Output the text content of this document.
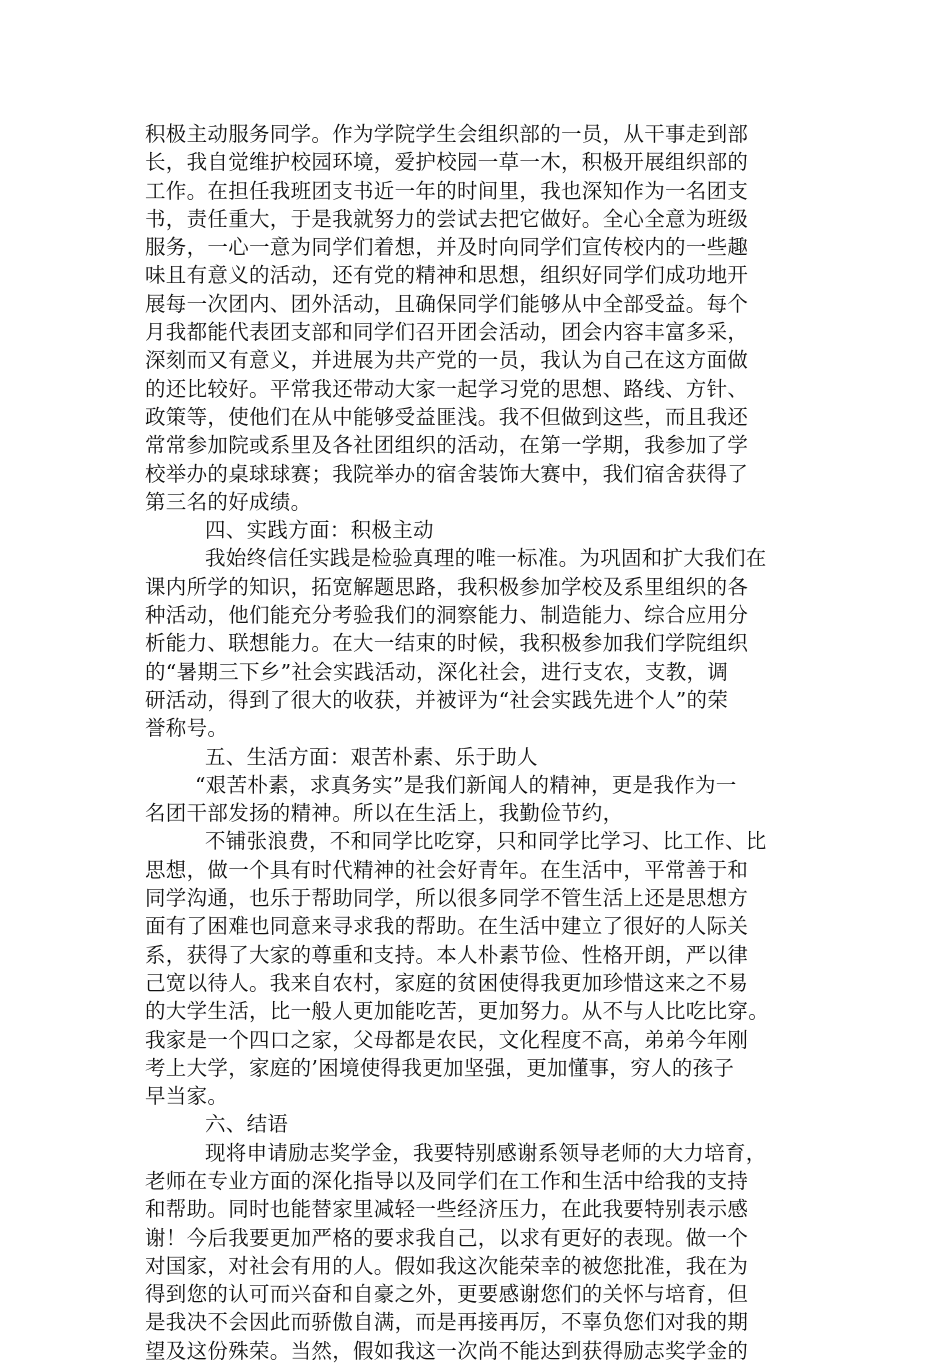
积极主动服务同学。作为学院学生会组织部的一员，从干事走到部
长，我自觉维护校园环境，爱护校园一草一木，积极开展组织部的
工作。在担任我班团支书近一年的时间里，我也深知作为一名团支
书，责任重大，于是我就努力的尝试去把它做好。全心全意为班级
服务，一心一意为同学们着想，并及时向同学们宣传校内的一些趣
味且有意义的活动，还有党的精神和思想，组织好同学们成功地开
展每一次团内、团外活动，且确保同学们能够从中全部受益。每个
月我都能代表团支部和同学们召开团会活动，团会内容丰富多采，
深刻而又有意义，并进展为共产党的一员，我认为自己在这方面做
的还比较好。平常我还带动大家一起学习党的思想、路线、方针、
政策等，使他们在从中能够受益匪浅。我不但做到这些，而且我还
常常参加院或系里及各社团组织的活动，在第一学期，我参加了学
校举办的桌球球赛；我院举办的宿舍装饰大赛中，我们宿舍获得了
第三名的好成绩。
四、实践方面：积极主动
我始终信任实践是检验真理的唯一标准。为巩固和扩大我们在
课内所学的知识，拓宽解题思路，我积极参加学校及系里组织的各
种活动，他们能充分考验我们的洞察能力、制造能力、综合应用分
析能力、联想能力。在大一结束的时候，我积极参加我们学院组织
的“暑期三下乡”社会实践活动，深化社会，进行支农，支教，调
研活动，得到了很大的收获，并被评为“社会实践先进个人”的荣
誉称号。
五、生活方面：艰苦朴素、乐于助人
“艰苦朴素，求真务实”是我们新闻人的精神，更是我作为一
名团干部发扬的精神。所以在生活上，我勤俭节约，
不铺张浪费，不和同学比吃穿，只和同学比学习、比工作、比
思想，做一个具有时代精神的社会好青年。在生活中，平常善于和
同学沟通，也乐于帮助同学，所以很多同学不管生活上还是思想方
面有了困难也同意来寻求我的帮助。在生活中建立了很好的人际关
系，获得了大家的尊重和支持。本人朴素节俭、性格开朗，严以律
己宽以待人。我来自农村，家庭的贫困使得我更加珍惜这来之不易
的大学生活，比一般人更加能吃苦，更加努力。从不与人比吃比穿。
我家是一个四口之家，父母都是农民，文化程度不高，弟弟今年刚
考上大学，家庭的’困境使得我更加坚强，更加懂事，穷人的孩子
早当家。
六、结语
现将申请励志奖学金，我要特别感谢系领导老师的大力培育，
老师在专业方面的深化指导以及同学们在工作和生活中给我的支持
和帮助。同时也能替家里减轻一些经济压力，在此我要特别表示感
谢！今后我要更加严格的要求我自己，以求有更好的表现。做一个
对国家，对社会有用的人。假如我这次能荣幸的被您批准，我在为
得到您的认可而兴奋和自豪之外，更要感谢您们的关怀与培育，但
是我决不会因此而骄傲自满，而是再接再厉，不辜负您们对我的期
望及这份殊荣。当然，假如我这一次尚不能达到获得励志奖学金的
